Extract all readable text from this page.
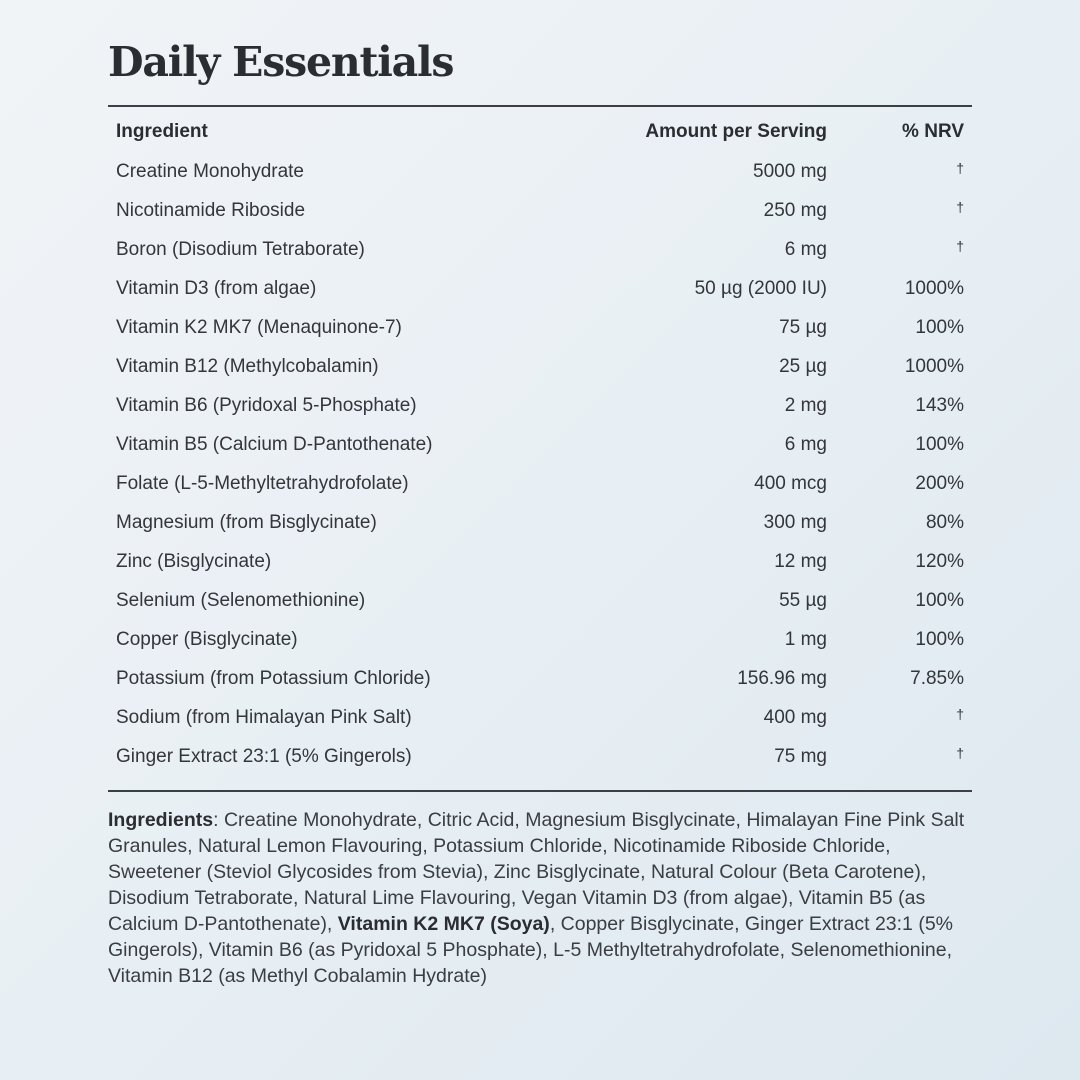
Daily Essentials
Ingredient	Amount per Serving	% NRV
Creatine Monohydrate	5000 mg	†
Nicotinamide Riboside	250 mg	†
Boron (Disodium Tetraborate)	6 mg	†
Vitamin D3 (from algae)	50 µg (2000 IU)	1000%
Vitamin K2 MK7 (Menaquinone-7)	75 µg	100%
Vitamin B12 (Methylcobalamin)	25 µg	1000%
Vitamin B6 (Pyridoxal 5-Phosphate)	2 mg	143%
Vitamin B5 (Calcium D-Pantothenate)	6 mg	100%
Folate (L-5-Methyltetrahydrofolate)	400 mcg	200%
Magnesium (from Bisglycinate)	300 mg	80%
Zinc (Bisglycinate)	12 mg	120%
Selenium (Selenomethionine)	55 µg	100%
Copper (Bisglycinate)	1 mg	100%
Potassium (from Potassium Chloride)	156.96 mg	7.85%
Sodium (from Himalayan Pink Salt)	400 mg	†
Ginger Extract 23:1 (5% Gingerols)	75 mg	†

Ingredients: Creatine Monohydrate, Citric Acid, Magnesium Bisglycinate, Himalayan Fine Pink Salt Granules, Natural Lemon Flavouring, Potassium Chloride, Nicotinamide Riboside Chloride, Sweetener (Steviol Glycosides from Stevia), Zinc Bisglycinate, Natural Colour (Beta Carotene), Disodium Tetraborate, Natural Lime Flavouring, Vegan Vitamin D3 (from algae), Vitamin B5 (as Calcium D-Pantothenate), Vitamin K2 MK7 (Soya), Copper Bisglycinate, Ginger Extract 23:1 (5% Gingerols), Vitamin B6 (as Pyridoxal 5 Phosphate), L-5 Methyltetrahydrofolate, Selenomethionine, Vitamin B12 (as Methyl Cobalamin Hydrate)
